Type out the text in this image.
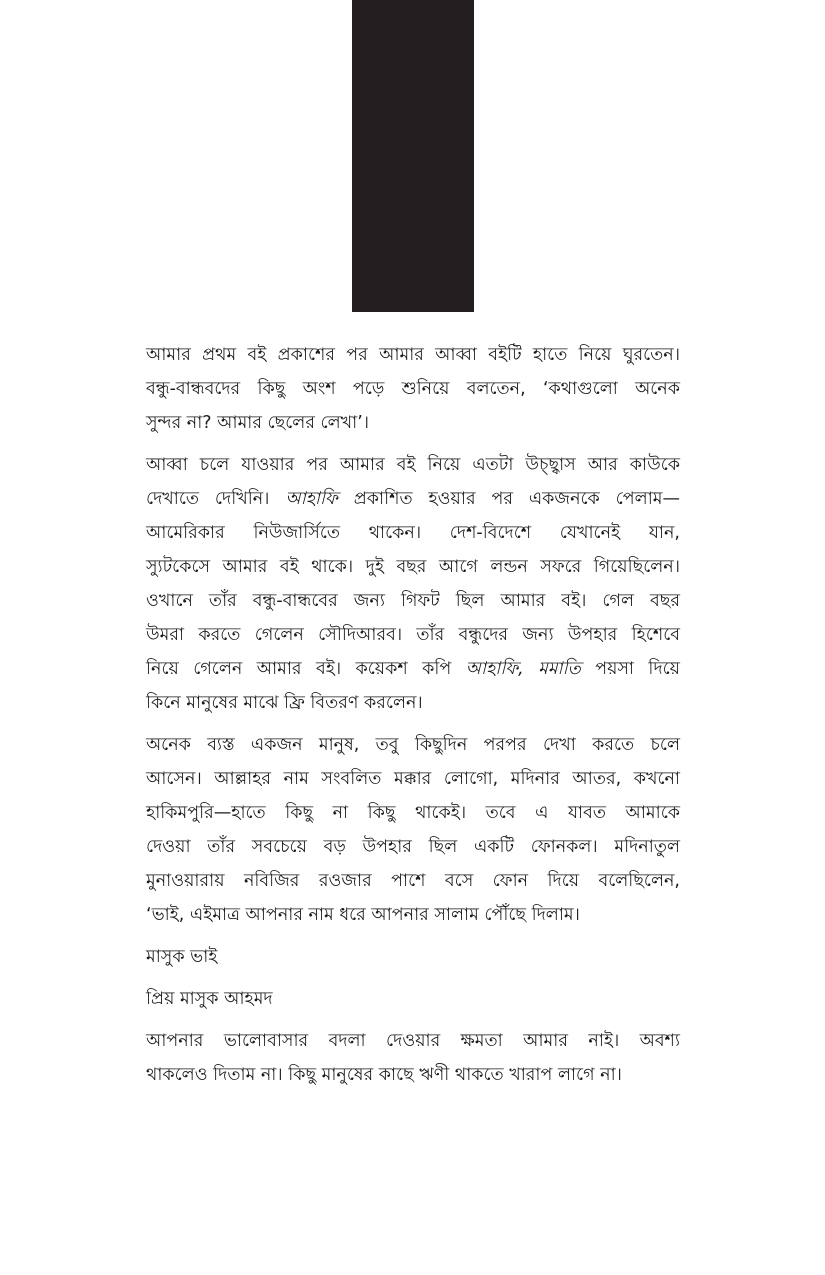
আমার প্রথম বই প্রকাশের পর আমার আব্বা বইটি হাতে নিয়ে ঘুরতেন।
বন্ধু-বান্ধবদের কিছু অংশ পড়ে শুনিয়ে বলতেন, ‘কথাগুলো অনেক
সুন্দর না? আমার ছেলের লেখা’।
আব্বা চলে যাওয়ার পর আমার বই নিয়ে এতটা উচ্ছ্বাস আর কাউকে
দেখাতে দেখিনি। আহাফি প্রকাশিত হওয়ার পর একজনকে পেলাম—
আমেরিকার নিউজার্সিতে থাকেন। দেশ-বিদেশে যেখানেই যান,
স্যুটকেসে আমার বই থাকে। দুই বছর আগে লন্ডন সফরে গিয়েছিলেন।
ওখানে তাঁর বন্ধু-বান্ধবের জন্য গিফট ছিল আমার বই। গেল বছর
উমরা করতে গেলেন সৌদিআরব। তাঁর বন্ধুদের জন্য উপহার হিশেবে
নিয়ে গেলেন আমার বই। কয়েকশ কপি আহাফি, মমাতি পয়সা দিয়ে
কিনে মানুষের মাঝে ফ্রি বিতরণ করলেন।
অনেক ব্যস্ত একজন মানুষ, তবু কিছুদিন পরপর দেখা করতে চলে
আসেন। আল্লাহর নাম সংবলিত মক্কার লোগো, মদিনার আতর, কখনো
হাকিমপুরি—হাতে কিছু না কিছু থাকেই। তবে এ যাবত আমাকে
দেওয়া তাঁর সবচেয়ে বড় উপহার ছিল একটি ফোনকল। মদিনাতুল
মুনাওয়ারায় নবিজির রওজার পাশে বসে ফোন দিয়ে বলেছিলেন,
‘ভাই, এইমাত্র আপনার নাম ধরে আপনার সালাম পৌঁছে দিলাম।
মাসুক ভাই
প্রিয় মাসুক আহমদ
আপনার ভালোবাসার বদলা দেওয়ার ক্ষমতা আমার নাই। অবশ্য
থাকলেও দিতাম না। কিছু মানুষের কাছে ঋণী থাকতে খারাপ লাগে না।
